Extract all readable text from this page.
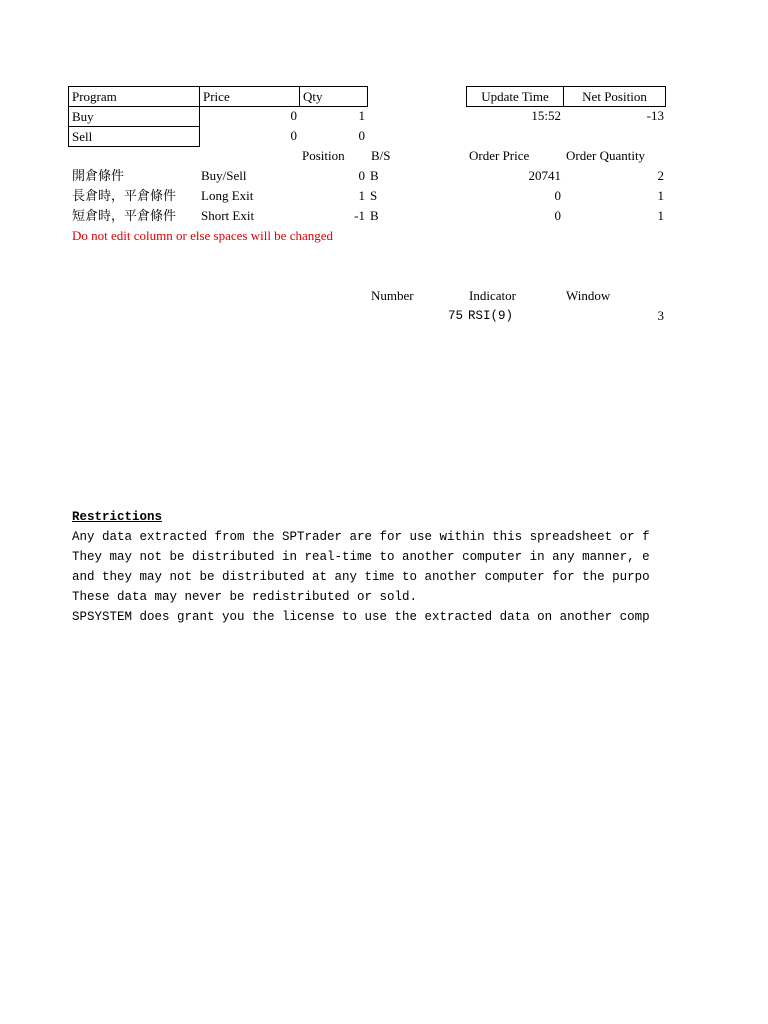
Program	Price	Qty
Buy	0	1
Sell	0	0
Update Time	Net Position
15:52	-13
Position B/S	Order Price	Order Quantity
開倉條件	Buy/Sell	0 B	20741	2
長倉時，平倉條件 Long Exit	1 S	0	1
短倉時，平倉條件 Short Exit	-1 B	0	1
Do not edit column or else spaces will be changed
Number	Indicator	Window
75 RSI(9)	3
Restrictions
Any data extracted from the SPTrader are for use within this spreadsheet or f
They may not be distributed in real-time to another computer in any manner, e
and they may not be distributed at any time to another computer for the purpo
These data may never be redistributed or sold.
SPSYSTEM does grant you the license to use the extracted data on another comp
